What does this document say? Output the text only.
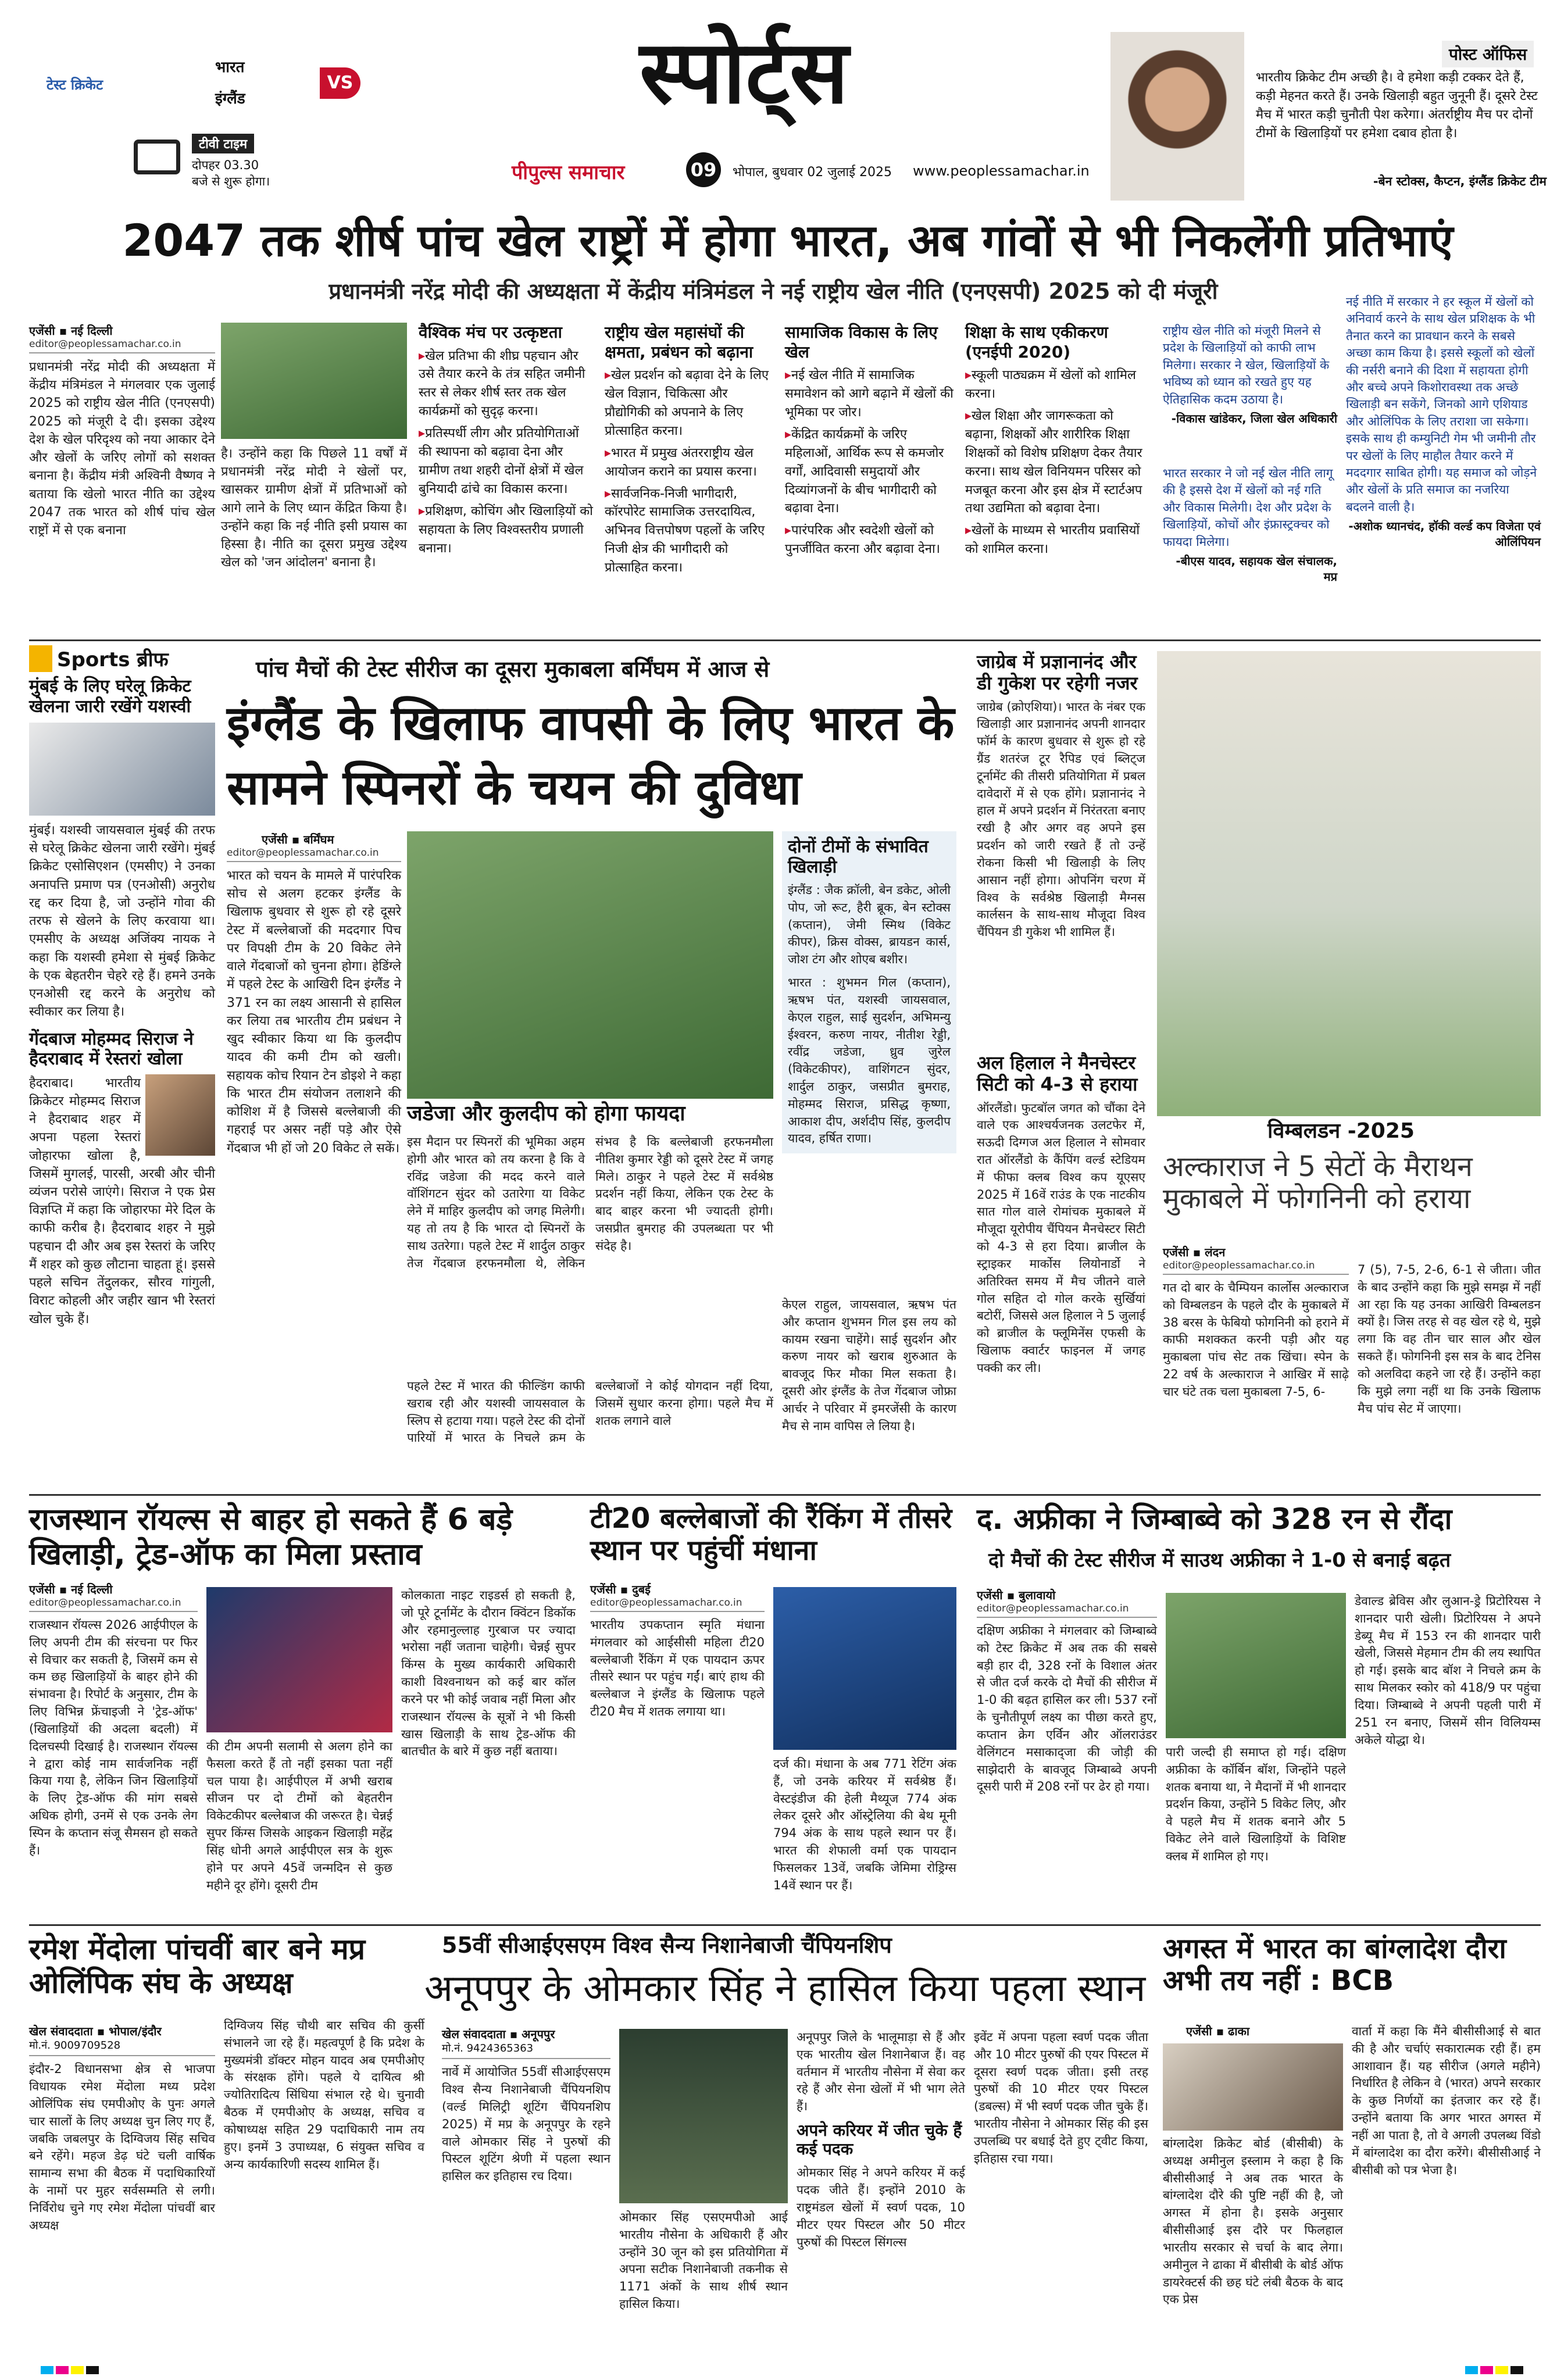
टेस्ट क्रिकेट
भारत
इंग्लैंड
VS
टीवी टाइम
दोपहर 03.30
बजे से शुरू होगा।
स्पोर्ट्स
पीपुल्स समाचार	09	भोपाल, बुधवार 02 जुलाई 2025 www.peoplessamachar.in
पोस्ट ऑफिस
भारतीय क्रिकेट टीम अच्छी है। वे हमेशा कड़ी टक्कर देते हैं, कड़ी मेहनत करते हैं। उनके खिलाड़ी बहुत जुनूनी हैं। दूसरे टेस्ट मैच में भारत कड़ी चुनौती पेश करेगा। अंतर्राष्ट्रीय मैच पर दोनों टीमों के खिलाड़ियों पर हमेशा दबाव होता है।
-बेन स्टोक्स, कैप्टन, इंग्लैंड क्रिकेट टीम
2047 तक शीर्ष पांच खेल राष्ट्रों में होगा भारत, अब गांवों से भी निकलेंगी प्रतिभाएं
प्रधानमंत्री नरेंद्र मोदी की अध्यक्षता में केंद्रीय मंत्रिमंडल ने नई राष्ट्रीय खेल नीति (एनएसपी) 2025 को दी मंजूरी
एजेंसी ▪ नई दिल्ली
editor@peoplessamachar.co.in
प्रधानमंत्री नरेंद्र मोदी की अध्यक्षता में केंद्रीय मंत्रिमंडल ने मंगलवार एक जुलाई 2025 को राष्ट्रीय खेल नीति (एनएसपी) 2025 को मंजूरी दे दी। इसका उद्देश्य देश के खेल परिदृश्य को नया आकार देने और खेलों के जरिए लोगों को सशक्त बनाना है। केंद्रीय मंत्री अश्विनी वैष्णव ने बताया कि खेलो भारत नीति का उद्देश्य 2047 तक भारत को शीर्ष पांच खेल राष्ट्रों में से एक बनाना
है। उन्होंने कहा कि पिछले 11 वर्षों में प्रधानमंत्री नरेंद्र मोदी ने खेलों पर, खासकर ग्रामीण क्षेत्रों में प्रतिभाओं को आगे लाने के लिए ध्यान केंद्रित किया है। उन्होंने कहा कि नई नीति इसी प्रयास का हिस्सा है। नीति का दूसरा प्रमुख उद्देश्य खेल को 'जन आंदोलन' बनाना है।
वैश्विक मंच पर उत्कृष्टता
▸ खेल प्रतिभा की शीघ्र पहचान और उसे तैयार करने के तंत्र सहित जमीनी स्तर से लेकर शीर्ष स्तर तक खेल कार्यक्रमों को सुदृढ़ करना।
▸ प्रतिस्पर्धी लीग और प्रतियोगिताओं की स्थापना को बढ़ावा देना और ग्रामीण तथा शहरी दोनों क्षेत्रों में खेल बुनियादी ढांचे का विकास करना।
▸ प्रशिक्षण, कोचिंग और खिलाड़ियों को सहायता के लिए विश्वस्तरीय प्रणाली बनाना।
राष्ट्रीय खेल महासंघों की क्षमता, प्रबंधन को बढ़ाना
▸ खेल प्रदर्शन को बढ़ावा देने के लिए खेल विज्ञान, चिकित्सा और प्रौद्योगिकी को अपनाने के लिए प्रोत्साहित करना।
▸ भारत में प्रमुख अंतरराष्ट्रीय खेल आयोजन कराने का प्रयास करना।
▸ सार्वजनिक-निजी भागीदारी, कॉरपोरेट सामाजिक उत्तरदायित्व, अभिनव वित्तपोषण पहलों के जरिए निजी क्षेत्र की भागीदारी को प्रोत्साहित करना।
सामाजिक विकास के लिए खेल
▸ नई खेल नीति में सामाजिक समावेशन को आगे बढ़ाने में खेलों की भूमिका पर जोर।
▸ केंद्रित कार्यक्रमों के जरिए महिलाओं, आर्थिक रूप से कमजोर वर्गों, आदिवासी समुदायों और दिव्यांगजनों के बीच भागीदारी को बढ़ावा देना।
▸ पारंपरिक और स्वदेशी खेलों को पुनर्जीवित करना और बढ़ावा देना।
शिक्षा के साथ एकीकरण (एनईपी 2020)
▸ स्कूली पाठ्यक्रम में खेलों को शामिल करना।
▸ खेल शिक्षा और जागरूकता को बढ़ाना, शिक्षकों और शारीरिक शिक्षा शिक्षकों को विशेष प्रशिक्षण देकर तैयार करना। साथ खेल विनियमन परिसर को मजबूत करना और इस क्षेत्र में स्टार्टअप तथा उद्यमिता को बढ़ावा देना।
▸ खेलों के माध्यम से भारतीय प्रवासियों को शामिल करना।
राष्ट्रीय खेल नीति को मंजूरी मिलने से प्रदेश के खिलाड़ियों को काफी लाभ मिलेगा। सरकार ने खेल, खिलाड़ियों के भविष्य को ध्यान को रखते हुए यह ऐतिहासिक कदम उठाया है।
-विकास खांडेकर, जिला खेल अधिकारी
भारत सरकार ने जो नई खेल नीति लागू की है इससे देश में खेलों को नई गति और विकास मिलेगी। देश और प्रदेश के खिलाड़ियों, कोचों और इंफ्रास्ट्रक्चर को फायदा मिलेगा।
-बीएस यादव, सहायक खेल संचालक, मप्र
नई नीति में सरकार ने हर स्कूल में खेलों को अनिवार्य करने के साथ खेल प्रशिक्षक के भी तैनात करने का प्रावधान करने के सबसे अच्छा काम किया है। इससे स्कूलों को खेलों की नर्सरी बनाने की दिशा में सहायता होगी और बच्चे अपने किशोरावस्था तक अच्छे खिलाड़ी बन सकेंगे, जिनको आगे एशियाड और ओलिंपिक के लिए तराशा जा सकेगा। इसके साथ ही कम्युनिटी गेम भी जमीनी तौर पर खेलों के लिए माहौल तैयार करने में मददगार साबित होगी। यह समाज को जोड़ने और खेलों के प्रति समाज का नजरिया बदलने वाली है।
-अशोक ध्यानचंद, हॉकी वर्ल्ड कप विजेता एवं ओलिंपियन
Sports ब्रीफ
मुंबई के लिए घरेलू क्रिकेट खेलना जारी रखेंगे यशस्वी
मुंबई। यशस्वी जायसवाल मुंबई की तरफ से घरेलू क्रिकेट खेलना जारी रखेंगे। मुंबई क्रिकेट एसोसिएशन (एमसीए) ने उनका अनापत्ति प्रमाण पत्र (एनओसी) अनुरोध रद्द कर दिया है, जो उन्होंने गोवा की तरफ से खेलने के लिए करवाया था। एमसीए के अध्यक्ष अजिंक्य नायक ने कहा कि यशस्वी हमेशा से मुंबई क्रिकेट के एक बेहतरीन चेहरे रहे हैं। हमने उनके एनओसी रद्द करने के अनुरोध को स्वीकार कर लिया है।
गेंदबाज मोहम्मद सिराज ने हैदराबाद में रेस्तरां खोला
हैदराबाद। भारतीय क्रिकेटर मोहम्मद सिराज ने हैदराबाद शहर में अपना पहला रेस्तरां जोहारफा खोला है, जिसमें मुगलई, पारसी, अरबी और चीनी व्यंजन परोसे जाएंगे। सिराज ने एक प्रेस विज्ञप्ति में कहा कि जोहारफा मेरे दिल के काफी करीब है। हैदराबाद शहर ने मुझे पहचान दी और अब इस रेस्तरां के जरिए मैं शहर को कुछ लौटाना चाहता हूं। इससे पहले सचिन तेंदुलकर, सौरव गांगुली, विराट कोहली और जहीर खान भी रेस्तरां खोल चुके हैं।
पांच मैचों की टेस्ट सीरीज का दूसरा मुकाबला बर्मिंघम में आज से
इंग्लैंड के खिलाफ वापसी के लिए भारत के सामने स्पिनरों के चयन की दुविधा
एजेंसी ▪ बर्मिंघम
editor@peoplessamachar.co.in
भारत को चयन के मामले में पारंपरिक सोच से अलग हटकर इंग्लैंड के खिलाफ बुधवार से शुरू हो रहे दूसरे टेस्ट में बल्लेबाजों की मददगार पिच पर विपक्षी टीम के 20 विकेट लेने वाले गेंदबाजों को चुनना होगा। हेडिंग्ले में पहले टेस्ट के आखिरी दिन इंग्लैंड ने 371 रन का लक्ष्य आसानी से हासिल कर लिया तब भारतीय टीम प्रबंधन ने खुद स्वीकार किया था कि कुलदीप यादव की कमी टीम को खली। सहायक कोच रियान टेन डोइशे ने कहा कि भारत टीम संयोजन तलाशने की कोशिश में है जिससे बल्लेबाजी की गहराई पर असर नहीं पड़े और ऐसे गेंदबाज भी हों जो 20 विकेट ले सकें।
जडेजा और कुलदीप को होगा फायदा
इस मैदान पर स्पिनरों की भूमिका अहम होगी और भारत को तय करना है कि वे रविंद्र जडेजा की मदद करने वाले वॉशिंगटन सुंदर को उतारेगा या विकेट लेने में माहिर कुलदीप को जगह मिलेगी। यह तो तय है कि भारत दो स्पिनरों के साथ उतरेगा। पहले टेस्ट में शार्दुल ठाकुर तेज गेंदबाज हरफनमौला थे, लेकिन संभव है कि बल्लेबाजी हरफनमौला नीतिश कुमार रेड्डी को दूसरे टेस्ट में जगह मिले। ठाकुर ने पहले टेस्ट में सर्वश्रेष्ठ प्रदर्शन नहीं किया, लेकिन एक टेस्ट के बाद बाहर करना भी ज्यादती होगी। जसप्रीत बुमराह की उपलब्धता पर भी संदेह है।
पहले टेस्ट में भारत की फील्डिंग काफी खराब रही और यशस्वी जायसवाल के स्लिप से हटाया गया। पहले टेस्ट की दोनों पारियों में भारत के निचले क्रम के बल्लेबाजों ने कोई योगदान नहीं दिया, जिसमें सुधार करना होगा। पहले मैच में शतक लगाने वाले
दोनों टीमों के संभावित खिलाड़ी
इंग्लैंड : जैक क्रॉली, बेन डकेट, ओली पोप, जो रूट, हैरी ब्रूक, बेन स्टोक्स (कप्तान), जेमी स्मिथ (विकेट कीपर), क्रिस वोक्स, ब्रायडन कार्स, जोश टंग और शोएब बशीर।
भारत : शुभमन गिल (कप्तान), ऋषभ पंत, यशस्वी जायसवाल, केएल राहुल, साई सुदर्शन, अभिमन्यु ईश्वरन, करुण नायर, नीतीश रेड्डी, रवींद्र जडेजा, ध्रुव जुरेल (विकेटकीपर), वाशिंगटन सुंदर, शार्दुल ठाकुर, जसप्रीत बुमराह, मोहम्मद सिराज, प्रसिद्ध कृष्णा, आकाश दीप, अर्शदीप सिंह, कुलदीप यादव, हर्षित राणा।
केएल राहुल, जायसवाल, ऋषभ पंत और कप्तान शुभमन गिल इस लय को कायम रखना चाहेंगे। साई सुदर्शन और करुण नायर को खराब शुरुआत के बावजूद फिर मौका मिल सकता है। दूसरी ओर इंग्लैंड के तेज गेंदबाज जोफ्रा आर्चर ने परिवार में इमरजेंसी के कारण मैच से नाम वापिस ले लिया है।
जाग्रेब में प्रज्ञानानंद और डी गुकेश पर रहेगी नजर
जाग्रेब (क्रोएशिया)। भारत के नंबर एक खिलाड़ी आर प्रज्ञानानंद अपनी शानदार फॉर्म के कारण बुधवार से शुरू हो रहे ग्रैंड शतरंज टूर रैपिड एवं ब्लिट्ज टूर्नामेंट की तीसरी प्रतियोगिता में प्रबल दावेदारों में से एक होंगे। प्रज्ञानानंद ने हाल में अपने प्रदर्शन में निरंतरता बनाए रखी है और अगर वह अपने इस प्रदर्शन को जारी रखते हैं तो उन्हें रोकना किसी भी खिलाड़ी के लिए आसान नहीं होगा। ओपनिंग चरण में विश्व के सर्वश्रेष्ठ खिलाड़ी मैग्नस कार्लसन के साथ-साथ मौजूदा विश्व चैंपियन डी गुकेश भी शामिल हैं।
अल हिलाल ने मैनचेस्टर सिटी को 4-3 से हराया
ऑरलैंडो। फुटबॉल जगत को चौंका देने वाले एक आश्चर्यजनक उलटफेर में, सऊदी दिग्गज अल हिलाल ने सोमवार रात ऑरलैंडो के कैंपिंग वर्ल्ड स्टेडियम में फीफा क्लब विश्व कप यूएसए 2025 में 16वें राउंड के एक नाटकीय सात गोल वाले रोमांचक मुकाबले में मौजूदा यूरोपीय चैंपियन मैनचेस्टर सिटी को 4-3 से हरा दिया। ब्राजील के स्ट्राइकर मार्कोस लियोनार्डो ने अतिरिक्त समय में मैच जीतने वाले गोल सहित दो गोल करके सुर्खियां बटोरीं, जिससे अल हिलाल ने 5 जुलाई को ब्राजील के फ्लूमिनेंस एफसी के खिलाफ क्वार्टर फाइनल में जगह पक्की कर ली।
विम्बलडन -2025
अल्काराज ने 5 सेटों के मैराथन मुकाबले में फोगनिनी को हराया
एजेंसी ▪ लंदन
editor@peoplessamachar.co.in
गत दो बार के चैम्पियन कार्लोस अल्काराज को विम्बलडन के पहले दौर के मुकाबले में 38 बरस के फेबियो फोगनिनी को हराने में काफी मशक्कत करनी पड़ी और यह मुकाबला पांच सेट तक खिंचा। स्पेन के 22 वर्ष के अल्काराज ने आखिर में साढ़े चार घंटे तक चला मुकाबला 7-5, 6-
7 (5), 7-5, 2-6, 6-1 से जीता। जीत के बाद उन्होंने कहा कि मुझे समझ में नहीं आ रहा कि यह उनका आखिरी विम्बलडन क्यों है। जिस तरह से वह खेल रहे थे, मुझे लगा कि वह तीन चार साल और खेल सकते हैं। फोगनिनी इस सत्र के बाद टेनिस को अलविदा कहने जा रहे हैं। उन्होंने कहा कि मुझे लगा नहीं था कि उनके खिलाफ मैच पांच सेट में जाएगा।
राजस्थान रॉयल्स से बाहर हो सकते हैं 6 बड़े खिलाड़ी, ट्रेड-ऑफ का मिला प्रस्ताव
एजेंसी ▪ नई दिल्ली
editor@peoplessamachar.co.in
राजस्थान रॉयल्स 2026 आईपीएल के लिए अपनी टीम की संरचना पर फिर से विचार कर सकती है, जिसमें कम से कम छह खिलाड़ियों के बाहर होने की संभावना है। रिपोर्ट के अनुसार, टीम के लिए विभिन्न फ्रेंचाइजी ने 'ट्रेड-ऑफ' (खिलाड़ियों की अदला बदली) में दिलचस्पी दिखाई है। राजस्थान रॉयल्स ने द्वारा कोई नाम सार्वजनिक नहीं किया गया है, लेकिन जिन खिलाड़ियों के लिए ट्रेड-ऑफ की मांग सबसे अधिक होगी, उनमें से एक उनके लेग स्पिन के कप्तान संजू सैमसन हो सकते हैं।
की टीम अपनी सलामी से अलग होने का फैसला करते हैं तो नहीं इसका पता नहीं चल पाया है। आईपीएल में अभी खराब सीजन पर दो टीमों को बेहतरीन विकेटकीपर बल्लेबाज की जरूरत है। चेन्नई सुपर किंग्स जिसके आइकन खिलाड़ी महेंद्र सिंह धोनी अगले आईपीएल सत्र के शुरू होने पर अपने 45वें जन्मदिन से कुछ महीने दूर होंगे। दूसरी टीम
कोलकाता नाइट राइडर्स हो सकती है, जो पूरे टूर्नामेंट के दौरान क्विंटन डिकॉक और रहमानुल्लाह गुरबाज पर ज्यादा भरोसा नहीं जताना चाहेगी। चेन्नई सुपर किंग्स के मुख्य कार्यकारी अधिकारी काशी विश्वनाथन को कई बार कॉल करने पर भी कोई जवाब नहीं मिला और राजस्थान रॉयल्स के सूत्रों ने भी किसी खास खिलाड़ी के साथ ट्रेड-ऑफ की बातचीत के बारे में कुछ नहीं बताया।
टी20 बल्लेबाजों की रैंकिंग में तीसरे स्थान पर पहुंचीं मंधाना
एजेंसी ▪ दुबई
editor@peoplessamachar.co.in
भारतीय उपकप्तान स्मृति मंधाना मंगलवार को आईसीसी महिला टी20 बल्लेबाजी रैंकिंग में एक पायदान ऊपर तीसरे स्थान पर पहुंच गईं। बाएं हाथ की बल्लेबाज ने इंग्लैंड के खिलाफ पहले टी20 मैच में शतक लगाया था।
दर्ज की। मंधाना के अब 771 रेटिंग अंक हैं, जो उनके करियर में सर्वश्रेष्ठ हैं। वेस्टइंडीज की हेली मैथ्यूज 774 अंक लेकर दूसरे और ऑस्ट्रेलिया की बेथ मूनी 794 अंक के साथ पहले स्थान पर हैं। भारत की शेफाली वर्मा एक पायदान फिसलकर 13वें, जबकि जेमिमा रोड्रिग्स 14वें स्थान पर हैं।
द. अफ्रीका ने जिम्बाब्वे को 328 रन से रौंदा
दो मैचों की टेस्ट सीरीज में साउथ अफ्रीका ने 1-0 से बनाई बढ़त
एजेंसी ▪ बुलावायो
editor@peoplessamachar.co.in
दक्षिण अफ्रीका ने मंगलवार को जिम्बाब्वे को टेस्ट क्रिकेट में अब तक की सबसे बड़ी हार दी, 328 रनों के विशाल अंतर से जीत दर्ज करके दो मैचों की सीरीज में 1-0 की बढ़त हासिल कर ली। 537 रनों के चुनौतीपूर्ण लक्ष्य का पीछा करते हुए, कप्तान क्रेग एर्विन और ऑलराउंडर वेलिंगटन मसाकाद्जा की जोड़ी की साझेदारी के बावजूद जिम्बाब्वे अपनी दूसरी पारी में 208 रनों पर ढेर हो गया।
पारी जल्दी ही समाप्त हो गई। दक्षिण अफ्रीका के कॉर्बिन बॉश, जिन्होंने पहले शतक बनाया था, ने मैदानों में भी शानदार प्रदर्शन किया, उन्होंने 5 विकेट लिए, और वे पहले मैच में शतक बनाने और 5 विकेट लेने वाले खिलाड़ियों के विशिष्ट क्लब में शामिल हो गए।
डेवाल्ड ब्रेविस और लुआन-ड्रे प्रिटोरियस ने शानदार पारी खेली। प्रिटोरियस ने अपने डेब्यू मैच में 153 रन की शानदार पारी खेली, जिससे मेहमान टीम की लय स्थापित हो गई। इसके बाद बॉश ने निचले क्रम के साथ मिलकर स्कोर को 418/9 पर पहुंचा दिया। जिम्बाब्वे ने अपनी पहली पारी में 251 रन बनाए, जिसमें सीन विलियम्स अकेले योद्धा थे।
रमेश मेंदोला पांचवीं बार बने मप्र ओलिंपिक संघ के अध्यक्ष
खेल संवाददाता ▪ भोपाल/इंदौर
मो.नं. 9009709528
इंदौर-2 विधानसभा क्षेत्र से भाजपा विधायक रमेश मेंदोला मध्य प्रदेश ओलिंपिक संघ एमपीओए के पुनः अगले चार सालों के लिए अध्यक्ष चुन लिए गए हैं, जबकि जबलपुर के दिग्विजय सिंह सचिव बने रहेंगे। महज डेढ़ घंटे चली वार्षिक सामान्य सभा की बैठक में पदाधिकारियों के नामों पर मुहर सर्वसम्मति से लगी। निर्विरोध चुने गए रमेश मेंदोला पांचवीं बार अध्यक्ष
दिग्विजय सिंह चौथी बार सचिव की कुर्सी संभालने जा रहे हैं। महत्वपूर्ण है कि प्रदेश के मुख्यमंत्री डॉक्टर मोहन यादव अब एमपीओए के संरक्षक होंगे। पहले ये दायित्व श्री ज्योतिरादित्य सिंधिया संभाल रहे थे। चुनावी बैठक में एमपीओए के अध्यक्ष, सचिव व कोषाध्यक्ष सहित 29 पदाधिकारी नाम तय हुए। इनमें 3 उपाध्यक्ष, 6 संयुक्त सचिव व अन्य कार्यकारिणी सदस्य शामिल हैं।
55वीं सीआईएसएम विश्व सैन्य निशानेबाजी चैंपियनशिप
अनूपपुर के ओमकार सिंह ने हासिल किया पहला स्थान
खेल संवाददाता ▪ अनूपपुर
मो.नं. 9424365363
नार्वे में आयोजित 55वीं सीआईएसएम विश्व सैन्य निशानेबाजी चैंपियनशिप (वर्ल्ड मिलिट्री शूटिंग चैंपियनशिप 2025) में मप्र के अनूपपुर के रहने वाले ओमकार सिंह ने पुरुषों की पिस्टल शूटिंग श्रेणी में पहला स्थान हासिल कर इतिहास रच दिया।
ओमकार सिंह एसएमपीओ आई भारतीय नौसेना के अधिकारी हैं और उन्होंने 30 जून को इस प्रतियोगिता में अपना सटीक निशानेबाजी तकनीक से 1171 अंकों के साथ शीर्ष स्थान हासिल किया।
अनूपपुर जिले के भालूमाड़ा से हैं और एक भारतीय खेल निशानेबाज हैं। वह वर्तमान में भारतीय नौसेना में सेवा कर रहे हैं और सेना खेलों में भी भाग लेते हैं।
अपने करियर में जीत चुके हैं कई पदक
ओमकार सिंह ने अपने करियर में कई पदक जीते हैं। इन्होंने 2010 के राष्ट्रमंडल खेलों में स्वर्ण पदक, 10 मीटर एयर पिस्टल और 50 मीटर पुरुषों की पिस्टल सिंगल्स
इवेंट में अपना पहला स्वर्ण पदक जीता और 10 मीटर पुरुषों की एयर पिस्टल में दूसरा स्वर्ण पदक जीता। इसी तरह पुरुषों की 10 मीटर एयर पिस्टल (डबल्स) में भी स्वर्ण पदक जीत चुके हैं। भारतीय नौसेना ने ओमकार सिंह की इस उपलब्धि पर बधाई देते हुए ट्वीट किया, इतिहास रचा गया।
अगस्त में भारत का बांग्लादेश दौरा अभी तय नहीं : BCB
एजेंसी ▪ ढाका
बांग्लादेश क्रिकेट बोर्ड (बीसीबी) के अध्यक्ष अमीनुल इस्लाम ने कहा है कि बीसीसीआई ने अब तक भारत के बांग्लादेश दौरे की पुष्टि नहीं की है, जो अगस्त में होना है। इसके अनुसार बीसीसीआई इस दौरे पर फिलहाल भारतीय सरकार से चर्चा के बाद लेगा। अमीनुल ने ढाका में बीसीबी के बोर्ड ऑफ डायरेक्टर्स की छह घंटे लंबी बैठक के बाद एक प्रेस
वार्ता में कहा कि मैंने बीसीसीआई से बात की है और चर्चाएं सकारात्मक रही हैं। हम आशावान हैं। यह सीरीज (अगले महीने) निर्धारित है लेकिन वे (भारत) अपने सरकार के कुछ निर्णयों का इंतजार कर रहे हैं। उन्होंने बताया कि अगर भारत अगस्त में नहीं आ पाता है, तो वे अगली उपलब्ध विंडो में बांग्लादेश का दौरा करेंगे। बीसीसीआई ने बीसीबी को पत्र भेजा है।
